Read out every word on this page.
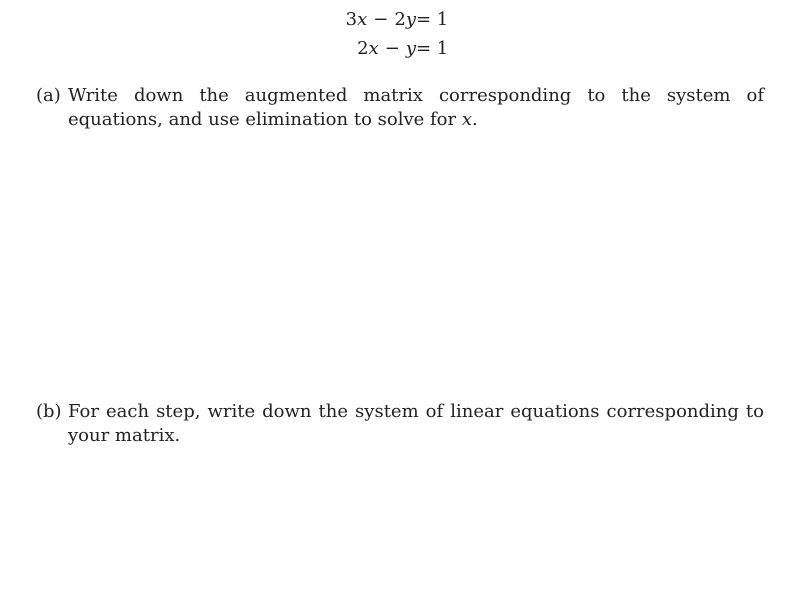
3x − 2y = 1
2x − y = 1
(a) Write down the augmented matrix corresponding to the system of equations, and use elimination to solve for x.
(b) For each step, write down the system of linear equations corresponding to your matrix.
